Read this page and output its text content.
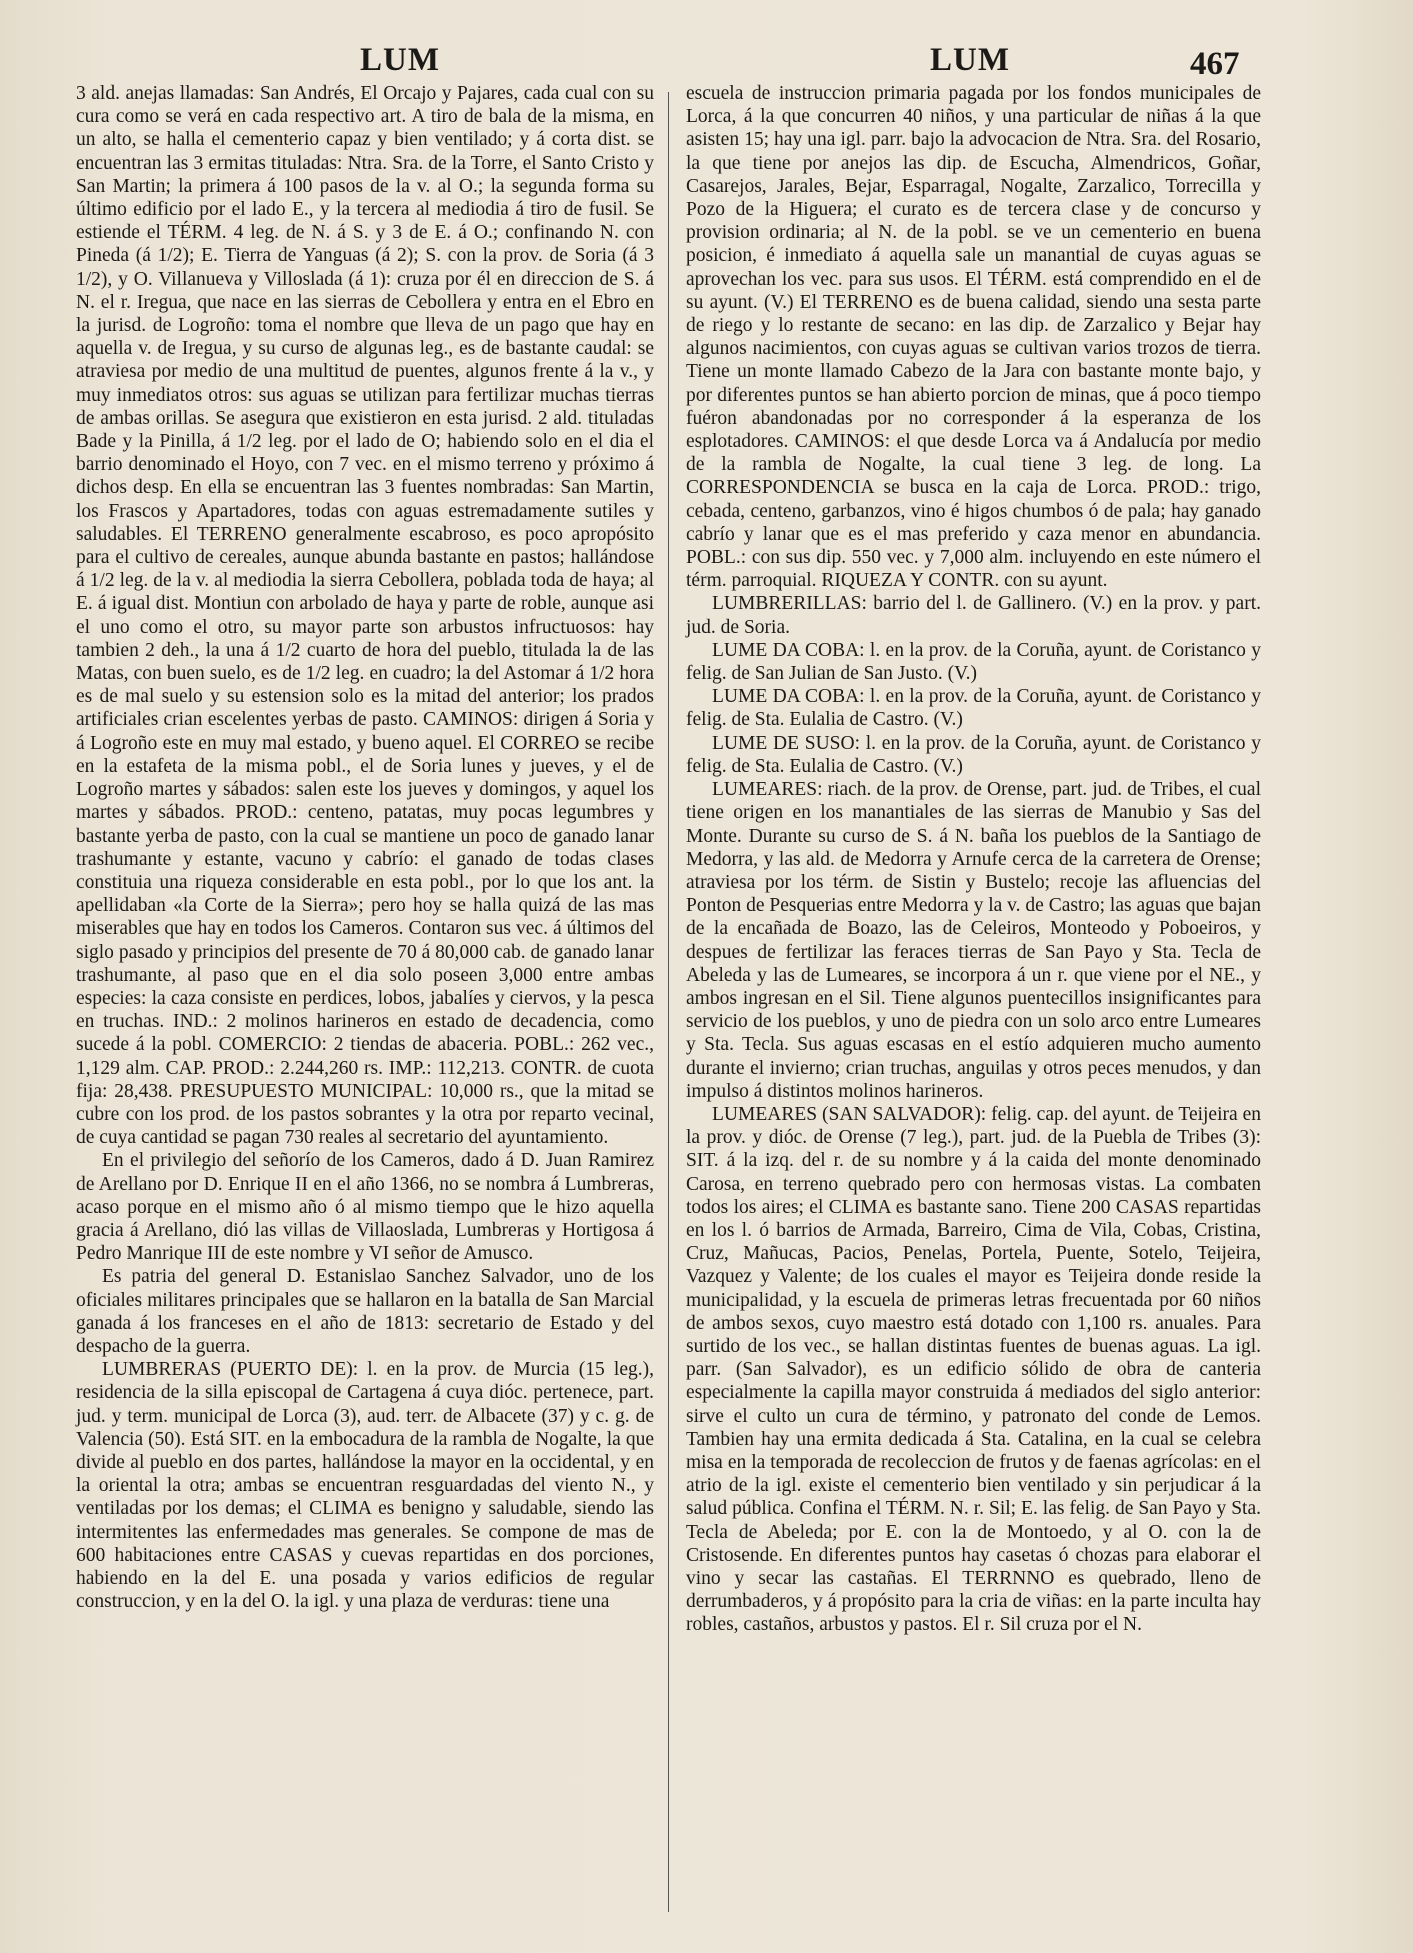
LUM	LUM	467

3 ald. anejas llamadas: San Andrés, El Orcajo y Pajares, cada cual con su cura como se verá en cada respectivo art. A tiro de bala de la misma, en un alto, se halla el cementerio capaz y bien ventilado; y á corta dist. se encuentran las 3 ermitas tituladas: Ntra. Sra. de la Torre, el Santo Cristo y San Martin; la primera á 100 pasos de la v. al O.; la segunda forma su último edificio por el lado E., y la tercera al mediodia á tiro de fusil. Se estiende el TÉRM. 4 leg. de N. á S. y 3 de E. á O.; confinando N. con Pineda (á 1/2); E. Tierra de Yanguas (á 2); S. con la prov. de Soria (á 3 1/2), y O. Villanueva y Villoslada (á 1): cruza por él en direccion de S. á N. el r. Iregua, que nace en las sierras de Cebollera y entra en el Ebro en la jurisd. de Logroño: toma el nombre que lleva de un pago que hay en aquella v. de Iregua, y su curso de algunas leg., es de bastante caudal: se atraviesa por medio de una multitud de puentes, algunos frente á la v., y muy inmediatos otros: sus aguas se utilizan para fertilizar muchas tierras de ambas orillas. Se asegura que existieron en esta jurisd. 2 ald. tituladas Bade y la Pinilla, á 1/2 leg. por el lado de O; habiendo solo en el dia el barrio denominado el Hoyo, con 7 vec. en el mismo terreno y próximo á dichos desp. En ella se encuentran las 3 fuentes nombradas: San Martin, los Frascos y Apartadores, todas con aguas estremadamente sutiles y saludables. El TERRENO generalmente escabroso, es poco apropósito para el cultivo de cereales, aunque abunda bastante en pastos; hallándose á 1/2 leg. de la v. al mediodia la sierra Cebollera, poblada toda de haya; al E. á igual dist. Montiun con arbolado de haya y parte de roble, aunque asi el uno como el otro, su mayor parte son arbustos infructuosos: hay tambien 2 deh., la una á 1/2 cuarto de hora del pueblo, titulada la de las Matas, con buen suelo, es de 1/2 leg. en cuadro; la del Astomar á 1/2 hora es de mal suelo y su estension solo es la mitad del anterior; los prados artificiales crian escelentes yerbas de pasto. CAMINOS: dirigen á Soria y á Logroño este en muy mal estado, y bueno aquel. El CORREO se recibe en la estafeta de la misma pobl., el de Soria lunes y jueves, y el de Logroño martes y sábados: salen este los jueves y domingos, y aquel los martes y sábados. PROD.: centeno, patatas, muy pocas legumbres y bastante yerba de pasto, con la cual se mantiene un poco de ganado lanar trashumante y estante, vacuno y cabrío: el ganado de todas clases constituia una riqueza considerable en esta pobl., por lo que los ant. la apellidaban «la Corte de la Sierra»; pero hoy se halla quizá de las mas miserables que hay en todos los Cameros. Contaron sus vec. á últimos del siglo pasado y principios del presente de 70 á 80,000 cab. de ganado lanar trashumante, al paso que en el dia solo poseen 3,000 entre ambas especies: la caza consiste en perdices, lobos, jabalíes y ciervos, y la pesca en truchas. IND.: 2 molinos harineros en estado de decadencia, como sucede á la pobl. COMERCIO: 2 tiendas de abaceria. POBL.: 262 vec., 1,129 alm. CAP. PROD.: 2.244,260 rs. IMP.: 112,213. CONTR. de cuota fija: 28,438. PRESUPUESTO MUNICIPAL: 10,000 rs., que la mitad se cubre con los prod. de los pastos sobrantes y la otra por reparto vecinal, de cuya cantidad se pagan 730 reales al secretario del ayuntamiento.

En el privilegio del señorío de los Cameros, dado á D. Juan Ramirez de Arellano por D. Enrique II en el año 1366, no se nombra á Lumbreras, acaso porque en el mismo año ó al mismo tiempo que le hizo aquella gracia á Arellano, dió las villas de Villaoslada, Lumbreras y Hortigosa á Pedro Manrique III de este nombre y VI señor de Amusco.

Es patria del general D. Estanislao Sanchez Salvador, uno de los oficiales militares principales que se hallaron en la batalla de San Marcial ganada á los franceses en el año de 1813: secretario de Estado y del despacho de la guerra.

LUMBRERAS (PUERTO DE): l. en la prov. de Murcia (15 leg.), residencia de la silla episcopal de Cartagena á cuya dióc. pertenece, part. jud. y term. municipal de Lorca (3), aud. terr. de Albacete (37) y c. g. de Valencia (50). Está SIT. en la embocadura de la rambla de Nogalte, la que divide al pueblo en dos partes, hallándose la mayor en la occidental, y en la oriental la otra; ambas se encuentran resguardadas del viento N., y ventiladas por los demas; el CLIMA es benigno y saludable, siendo las intermitentes las enfermedades mas generales. Se compone de mas de 600 habitaciones entre CASAS y cuevas repartidas en dos porciones, habiendo en la del E. una posada y varios edificios de regular construccion, y en la del O. la igl. y una plaza de verduras: tiene una

escuela de instruccion primaria pagada por los fondos municipales de Lorca, á la que concurren 40 niños, y una particular de niñas á la que asisten 15; hay una igl. parr. bajo la advocacion de Ntra. Sra. del Rosario, la que tiene por anejos las dip. de Escucha, Almendricos, Goñar, Casarejos, Jarales, Bejar, Esparragal, Nogalte, Zarzalico, Torrecilla y Pozo de la Higuera; el curato es de tercera clase y de concurso y provision ordinaria; al N. de la pobl. se ve un cementerio en buena posicion, é inmediato á aquella sale un manantial de cuyas aguas se aprovechan los vec. para sus usos. El TÉRM. está comprendido en el de su ayunt. (V.) El TERRENO es de buena calidad, siendo una sesta parte de riego y lo restante de secano: en las dip. de Zarzalico y Bejar hay algunos nacimientos, con cuyas aguas se cultivan varios trozos de tierra. Tiene un monte llamado Cabezo de la Jara con bastante monte bajo, y por diferentes puntos se han abierto porcion de minas, que á poco tiempo fuéron abandonadas por no corresponder á la esperanza de los esplotadores. CAMINOS: el que desde Lorca va á Andalucía por medio de la rambla de Nogalte, la cual tiene 3 leg. de long. La CORRESPONDENCIA se busca en la caja de Lorca. PROD.: trigo, cebada, centeno, garbanzos, vino é higos chumbos ó de pala; hay ganado cabrío y lanar que es el mas preferido y caza menor en abundancia. POBL.: con sus dip. 550 vec. y 7,000 alm. incluyendo en este número el térm. parroquial. RIQUEZA Y CONTR. con su ayunt.

LUMBRERILLAS: barrio del l. de Gallinero. (V.) en la prov. y part. jud. de Soria.

LUME DA COBA: l. en la prov. de la Coruña, ayunt. de Coristanco y felig. de San Julian de San Justo. (V.)

LUME DA COBA: l. en la prov. de la Coruña, ayunt. de Coristanco y felig. de Sta. Eulalia de Castro. (V.)

LUME DE SUSO: l. en la prov. de la Coruña, ayunt. de Coristanco y felig. de Sta. Eulalia de Castro. (V.)

LUMEARES: riach. de la prov. de Orense, part. jud. de Tribes, el cual tiene origen en los manantiales de las sierras de Manubio y Sas del Monte. Durante su curso de S. á N. baña los pueblos de la Santiago de Medorra, y las ald. de Medorra y Arnufe cerca de la carretera de Orense; atraviesa por los térm. de Sistin y Bustelo; recoje las afluencias del Ponton de Pesquerias entre Medorra y la v. de Castro; las aguas que bajan de la encañada de Boazo, las de Celeiros, Monteodo y Poboeiros, y despues de fertilizar las feraces tierras de San Payo y Sta. Tecla de Abeleda y las de Lumeares, se incorpora á un r. que viene por el NE., y ambos ingresan en el Sil. Tiene algunos puentecillos insignificantes para servicio de los pueblos, y uno de piedra con un solo arco entre Lumeares y Sta. Tecla. Sus aguas escasas en el estío adquieren mucho aumento durante el invierno; crian truchas, anguilas y otros peces menudos, y dan impulso á distintos molinos harineros.

LUMEARES (SAN SALVADOR): felig. cap. del ayunt. de Teijeira en la prov. y dióc. de Orense (7 leg.), part. jud. de la Puebla de Tribes (3): SIT. á la izq. del r. de su nombre y á la caida del monte denominado Carosa, en terreno quebrado pero con hermosas vistas. La combaten todos los aires; el CLIMA es bastante sano. Tiene 200 CASAS repartidas en los l. ó barrios de Armada, Barreiro, Cima de Vila, Cobas, Cristina, Cruz, Mañucas, Pacios, Penelas, Portela, Puente, Sotelo, Teijeira, Vazquez y Valente; de los cuales el mayor es Teijeira donde reside la municipalidad, y la escuela de primeras letras frecuentada por 60 niños de ambos sexos, cuyo maestro está dotado con 1,100 rs. anuales. Para surtido de los vec., se hallan distintas fuentes de buenas aguas. La igl. parr. (San Salvador), es un edificio sólido de obra de canteria especialmente la capilla mayor construida á mediados del siglo anterior: sirve el culto un cura de término, y patronato del conde de Lemos. Tambien hay una ermita dedicada á Sta. Catalina, en la cual se celebra misa en la temporada de recoleccion de frutos y de faenas agrícolas: en el atrio de la igl. existe el cementerio bien ventilado y sin perjudicar á la salud pública. Confina el TÉRM. N. r. Sil; E. las felig. de San Payo y Sta. Tecla de Abeleda; por E. con la de Montoedo, y al O. con la de Cristosende. En diferentes puntos hay casetas ó chozas para elaborar el vino y secar las castañas. El TERRNNO es quebrado, lleno de derrumbaderos, y á propósito para la cria de viñas: en la parte inculta hay robles, castaños, arbustos y pastos. El r. Sil cruza por el N.
